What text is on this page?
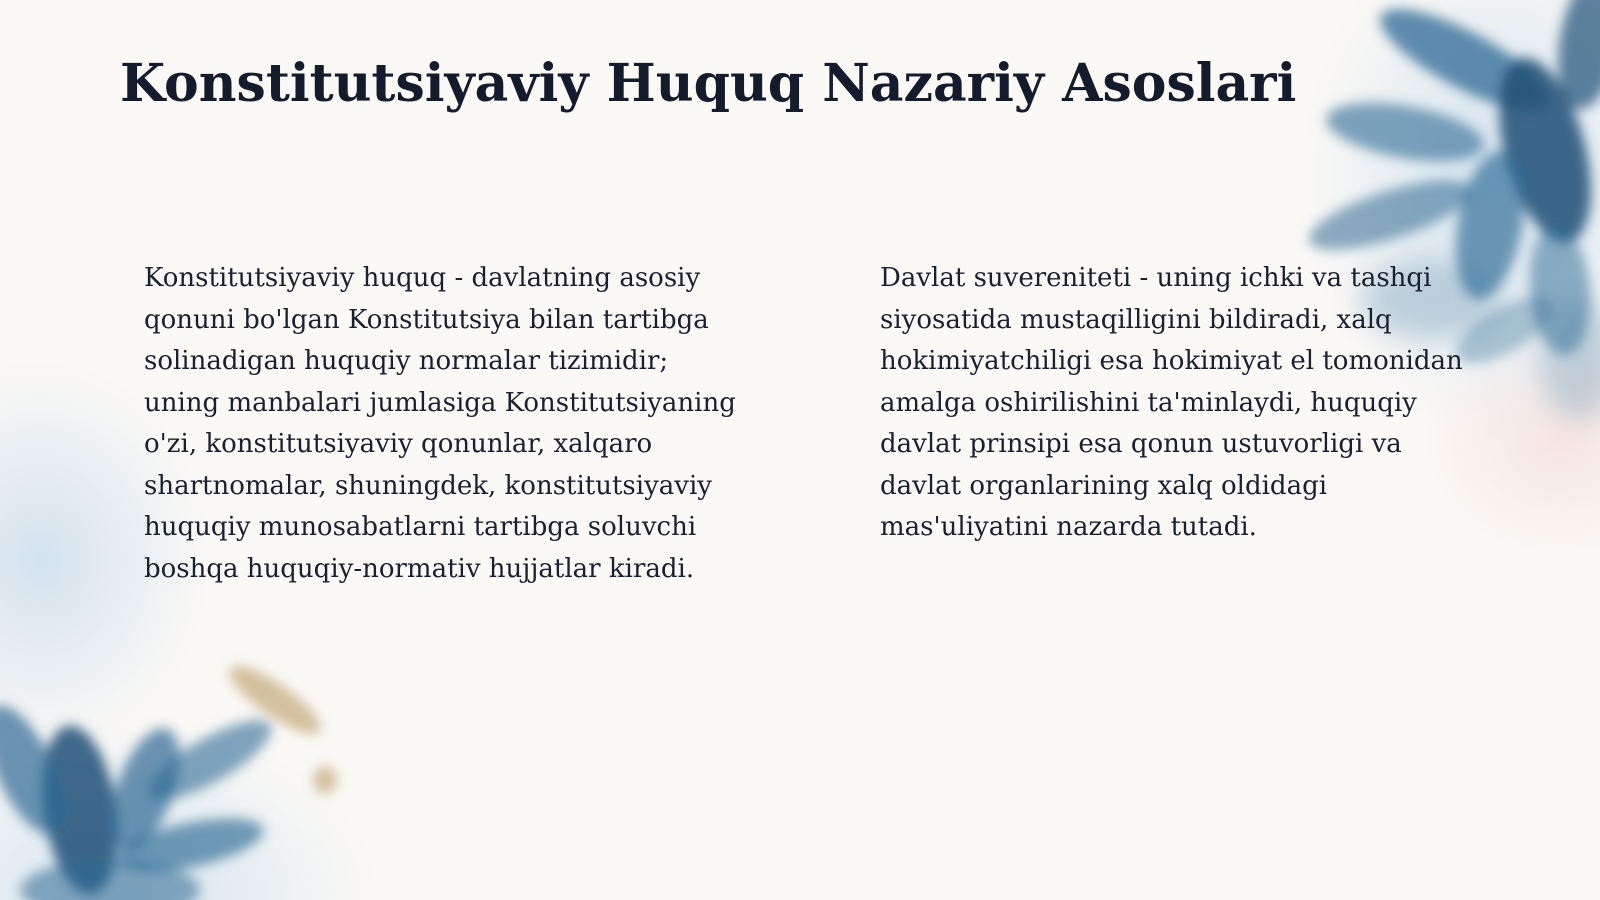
Konstitutsiyaviy Huquq Nazariy Asoslari

Konstitutsiyaviy huquq - davlatning asosiy qonuni bo'lgan Konstitutsiya bilan tartibga solinadigan huquqiy normalar tizimidir; uning manbalari jumlasiga Konstitutsiyaning o'zi, konstitutsiyaviy qonunlar, xalqaro shartnomalar, shuningdek, konstitutsiyaviy huquqiy munosabatlarni tartibga soluvchi boshqa huquqiy-normativ hujjatlar kiradi.

Davlat suvereniteti - uning ichki va tashqi siyosatida mustaqilligini bildiradi, xalq hokimiyatchiligi esa hokimiyat el tomonidan amalga oshirilishini ta'minlaydi, huquqiy davlat prinsipi esa qonun ustuvorligi va davlat organlarining xalq oldidagi mas'uliyatini nazarda tutadi.
